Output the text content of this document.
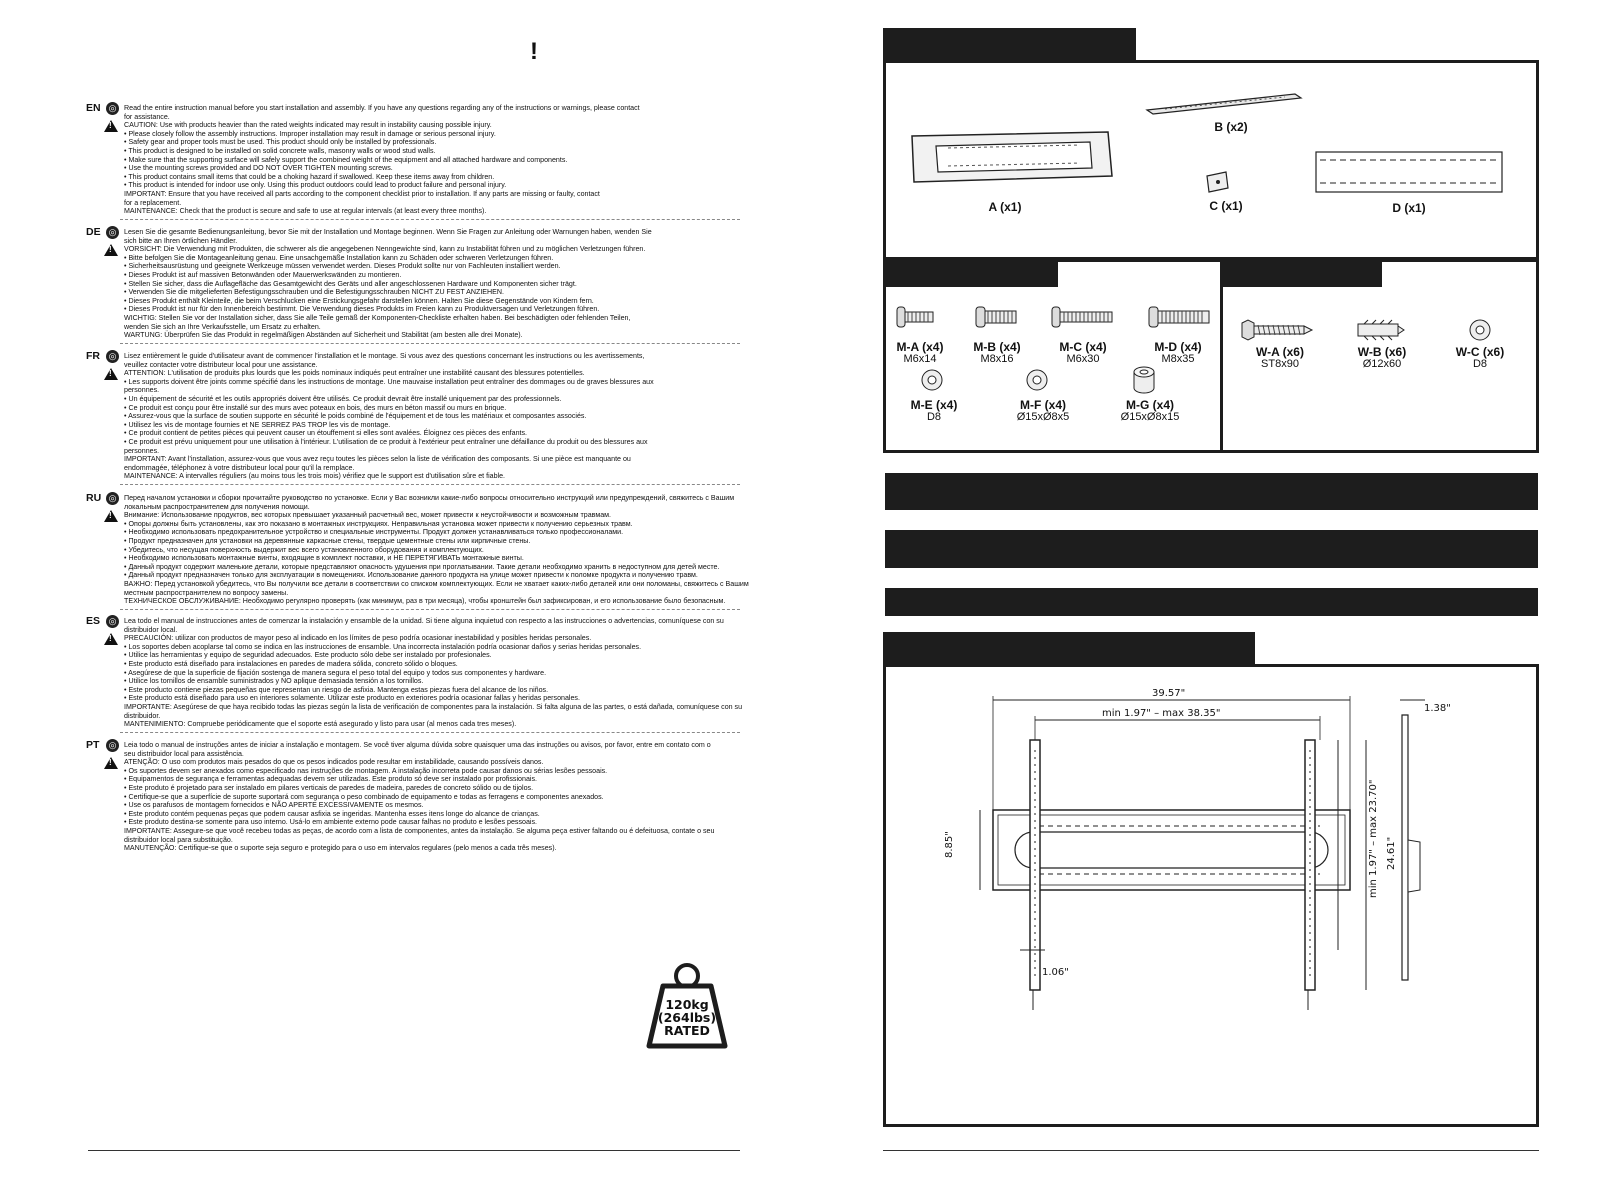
!
EN ◎
!	Read the entire instruction manual before you start installation and assembly. If you have any questions regarding any of the instructions or warnings, please contact
for assistance.
CAUTION: Use with products heavier than the rated weights indicated may result in instability causing possible injury.
• Please closely follow the assembly instructions. Improper installation may result in damage or serious personal injury.
• Safety gear and proper tools must be used. This product should only be installed by professionals.
• This product is designed to be installed on solid concrete walls, masonry walls or wood stud walls.
• Make sure that the supporting surface will safely support the combined weight of the equipment and all attached hardware and components.
• Use the mounting screws provided and DO NOT OVER TIGHTEN mounting screws.
• This product contains small items that could be a choking hazard if swallowed. Keep these items away from children.
• This product is intended for indoor use only. Using this product outdoors could lead to product failure and personal injury.
IMPORTANT: Ensure that you have received all parts according to the component checklist prior to installation. If any parts are missing or faulty, contact
for a replacement.
MAINTENANCE: Check that the product is secure and safe to use at regular intervals (at least every three months).
DE ◎
!	Lesen Sie die gesamte Bedienungsanleitung, bevor Sie mit der Installation und Montage beginnen. Wenn Sie Fragen zur Anleitung oder Warnungen haben, wenden Sie
sich bitte an Ihren örtlichen Händler.
VORSICHT: Die Verwendung mit Produkten, die schwerer als die angegebenen Nenngewichte sind, kann zu Instabilität führen und zu möglichen Verletzungen führen.
• Bitte befolgen Sie die Montageanleitung genau. Eine unsachgemäße Installation kann zu Schäden oder schweren Verletzungen führen.
• Sicherheitsausrüstung und geeignete Werkzeuge müssen verwendet werden. Dieses Produkt sollte nur von Fachleuten installiert werden.
• Dieses Produkt ist auf massiven Betonwänden oder Mauerwerkswänden zu montieren.
• Stellen Sie sicher, dass die Auflagefläche das Gesamtgewicht des Geräts und aller angeschlossenen Hardware und Komponenten sicher trägt.
• Verwenden Sie die mitgelieferten Befestigungsschrauben und die Befestigungsschrauben NICHT ZU FEST ANZIEHEN.
• Dieses Produkt enthält Kleinteile, die beim Verschlucken eine Erstickungsgefahr darstellen können. Halten Sie diese Gegenstände von Kindern fern.
• Dieses Produkt ist nur für den Innenbereich bestimmt. Die Verwendung dieses Produkts im Freien kann zu Produktversagen und Verletzungen führen.
WICHTIG: Stellen Sie vor der Installation sicher, dass Sie alle Teile gemäß der Komponenten-Checkliste erhalten haben. Bei beschädigten oder fehlenden Teilen,
wenden Sie sich an Ihre Verkaufsstelle, um Ersatz zu erhalten.
WARTUNG: Überprüfen Sie das Produkt in regelmäßigen Abständen auf Sicherheit und Stabilität (am besten alle drei Monate).
FR ◎
!	Lisez entièrement le guide d'utilisateur avant de commencer l'installation et le montage. Si vous avez des questions concernant les instructions ou les avertissements,
veuillez contacter votre distributeur local pour une assistance.
ATTENTION: L'utilisation de produits plus lourds que les poids nominaux indiqués peut entraîner une instabilité causant des blessures potentielles.
• Les supports doivent être joints comme spécifié dans les instructions de montage. Une mauvaise installation peut entraîner des dommages ou de graves blessures aux
personnes.
• Un équipement de sécurité et les outils appropriés doivent être utilisés. Ce produit devrait être installé uniquement par des professionnels.
• Ce produit est conçu pour être installé sur des murs avec poteaux en bois, des murs en béton massif ou murs en brique.
• Assurez-vous que la surface de soutien supporte en sécurité le poids combiné de l'équipement et de tous les matériaux et composantes associés.
• Utilisez les vis de montage fournies et NE SERREZ PAS TROP les vis de montage.
• Ce produit contient de petites pièces qui peuvent causer un étouffement si elles sont avalées. Éloignez ces pièces des enfants.
• Ce produit est prévu uniquement pour une utilisation à l'intérieur. L'utilisation de ce produit à l'extérieur peut entraîner une défaillance du produit ou des blessures aux
personnes.
IMPORTANT: Avant l'installation, assurez-vous que vous avez reçu toutes les pièces selon la liste de vérification des composants. Si une pièce est manquante ou
endommagée, téléphonez à votre distributeur local pour qu'il la remplace.
MAINTENANCE: A intervalles réguliers (au moins tous les trois mois) vérifiez que le support est d'utilisation sûre et fiable.
RU ◎
!	Перед началом установки и сборки прочитайте руководство по установке. Если у Вас возникли какие-либо вопросы относительно инструкций или предупреждений, свяжитесь с Вашим
локальным распространителем для получения помощи.
Внимание: Использование продуктов, вес которых превышает указанный расчетный вес, может привести к неустойчивости и возможным травмам.
• Опоры должны быть установлены, как это показано в монтажных инструкциях. Неправильная установка может привести к получению серьезных травм.
• Необходимо использовать предохранительное устройство и специальные инструменты. Продукт должен устанавливаться только профессионалами.
• Продукт предназначен для установки на деревянные каркасные стены, твердые цементные стены или кирпичные стены.
• Убедитесь, что несущая поверхность выдержит вес всего установленного оборудования и комплектующих.
• Необходимо использовать монтажные винты, входящие в комплект поставки, и НЕ ПЕРЕТЯГИВАТЬ монтажные винты.
• Данный продукт содержит маленькие детали, которые представляют опасность удушения при проглатывании. Такие детали необходимо хранить в недоступном для детей месте.
• Данный продукт предназначен только для эксплуатации в помещениях. Использование данного продукта на улице может привести к поломке продукта и получению травм.
ВАЖНО: Перед установкой убедитесь, что Вы получили все детали в соответствии со списком комплектующих. Если не хватает каких-либо деталей или они поломаны, свяжитесь с Вашим
местным распространителем по вопросу замены.
ТЕХНИЧЕСКОЕ ОБСЛУЖИВАНИЕ: Необходимо регулярно проверять (как минимум, раз в три месяца), чтобы кронштейн был зафиксирован, и его использование было безопасным.
ES ◎
!	Lea todo el manual de instrucciones antes de comenzar la instalación y ensamble de la unidad. Si tiene alguna inquietud con respecto a las instrucciones o advertencias, comuníquese con su
distribuidor local.
PRECAUCIÓN: utilizar con productos de mayor peso al indicado en los límites de peso podría ocasionar inestabilidad y posibles heridas personales.
• Los soportes deben acoplarse tal como se indica en las instrucciones de ensamble. Una incorrecta instalación podría ocasionar daños y serias heridas personales.
• Utilice las herramientas y equipo de seguridad adecuados. Este producto sólo debe ser instalado por profesionales.
• Este producto está diseñado para instalaciones en paredes de madera sólida, concreto sólido o bloques.
• Asegúrese de que la superficie de fijación sostenga de manera segura el peso total del equipo y todos sus componentes y hardware.
• Utilice los tornillos de ensamble suministrados y NO aplique demasiada tensión a los tornillos.
• Este producto contiene piezas pequeñas que representan un riesgo de asfixia. Mantenga estas piezas fuera del alcance de los niños.
• Este producto está diseñado para uso en interiores solamente. Utilizar este producto en exteriores podría ocasionar fallas y heridas personales.
IMPORTANTE: Asegúrese de que haya recibido todas las piezas según la lista de verificación de componentes para la instalación. Si falta alguna de las partes, o está dañada, comuníquese con su
distribuidor.
MANTENIMIENTO: Compruebe periódicamente que el soporte está asegurado y listo para usar (al menos cada tres meses).
PT ◎
!	Leia todo o manual de instruções antes de iniciar a instalação e montagem. Se você tiver alguma dúvida sobre quaisquer uma das instruções ou avisos, por favor, entre em contato com o
seu distribuidor local para assistência.
ATENÇÃO: O uso com produtos mais pesados do que os pesos indicados pode resultar em instabilidade, causando possíveis danos.
• Os suportes devem ser anexados como especificado nas instruções de montagem. A instalação incorreta pode causar danos ou sérias lesões pessoais.
• Equipamentos de segurança e ferramentas adequadas devem ser utilizadas. Este produto só deve ser instalado por profissionais.
• Este produto é projetado para ser instalado em pilares verticais de paredes de madeira, paredes de concreto sólido ou de tijolos.
• Certifique-se que a superfície de suporte suportará com segurança o peso combinado de equipamento e todas as ferragens e componentes anexados.
• Use os parafusos de montagem fornecidos e NÃO APERTE EXCESSIVAMENTE os mesmos.
• Este produto contém pequenas peças que podem causar asfixia se ingeridas. Mantenha esses itens longe do alcance de crianças.
• Este produto destina-se somente para uso interno. Usá-lo em ambiente externo pode causar falhas no produto e lesões pessoais.
IMPORTANTE: Assegure-se que você recebeu todas as peças, de acordo com a lista de componentes, antes da instalação. Se alguma peça estiver faltando ou é defeituosa, contate o seu
distribuidor local para substituição.
MANUTENÇÃO: Certifique-se que o suporte seja seguro e protegido para o uso em intervalos regulares (pelo menos a cada três meses).
120kg
(264lbs)
RATED
A (x1)
B (x2)
C (x1)	D (x1)
M-A (x4)
M6x14
M-B (x4)
M8x16
M-C (x4)
M6x30
M-D (x4)
M8x35
M-E (x4)
D8
M-F (x4)
Ø15xØ8x5
M-G (x4)
Ø15xØ8x15
W-A (x6)
ST8x90
W-B (x6)
Ø12x60
W-C (x6)
D8
39.57"
min 1.97" – max 38.35"	1.38"
8.85"	min 1.97" – max 23.70" 24.61"
1.06"
